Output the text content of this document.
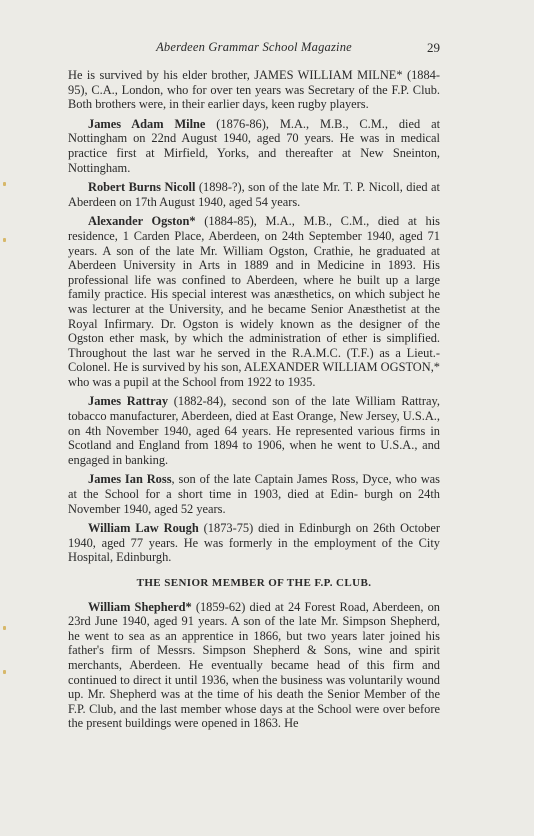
Aberdeen Grammar School Magazine	29

He is survived by his elder brother, JAMES WILLIAM MILNE* (1884-95), C.A., London, who for over ten years was Secretary of the F.P. Club. Both brothers were, in their earlier days, keen rugby players.

James Adam Milne (1876-86), M.A., M.B., C.M., died at Nottingham on 22nd August 1940, aged 70 years. He was in medical practice first at Mirfield, Yorks, and thereafter at New Sneinton, Nottingham.

Robert Burns Nicoll (1898-?), son of the late Mr. T. P. Nicoll, died at Aberdeen on 17th August 1940, aged 54 years.

Alexander Ogston* (1884-85), M.A., M.B., C.M., died at his residence, 1 Carden Place, Aberdeen, on 24th September 1940, aged 71 years. A son of the late Mr. William Ogston, Crathie, he graduated at Aberdeen University in Arts in 1889 and in Medicine in 1893. His professional life was confined to Aberdeen, where he built up a large family practice. His special interest was anæsthetics, on which subject he was lecturer at the University, and he became Senior Anæsthetist at the Royal Infirmary. Dr. Ogston is widely known as the designer of the Ogston ether mask, by which the administration of ether is simplified. Throughout the last war he served in the R.A.M.C. (T.F.) as a Lieut.-Colonel. He is survived by his son, ALEXANDER WILLIAM OGSTON,* who was a pupil at the School from 1922 to 1935.

James Rattray (1882-84), second son of the late William Rattray, tobacco manufacturer, Aberdeen, died at East Orange, New Jersey, U.S.A., on 4th November 1940, aged 64 years. He represented various firms in Scotland and England from 1894 to 1906, when he went to U.S.A., and engaged in banking.

James Ian Ross, son of the late Captain James Ross, Dyce, who was at the School for a short time in 1903, died at Edin- burgh on 24th November 1940, aged 52 years.

William Law Rough (1873-75) died in Edinburgh on 26th October 1940, aged 77 years. He was formerly in the employment of the City Hospital, Edinburgh.

THE SENIOR MEMBER OF THE F.P. CLUB.

William Shepherd* (1859-62) died at 24 Forest Road, Aberdeen, on 23rd June 1940, aged 91 years. A son of the late Mr. Simpson Shepherd, he went to sea as an apprentice in 1866, but two years later joined his father's firm of Messrs. Simpson Shepherd & Sons, wine and spirit merchants, Aberdeen. He eventually became head of this firm and continued to direct it until 1936, when the business was voluntarily wound up. Mr. Shepherd was at the time of his death the Senior Member of the F.P. Club, and the last member whose days at the School were over before the present buildings were opened in 1863. He
